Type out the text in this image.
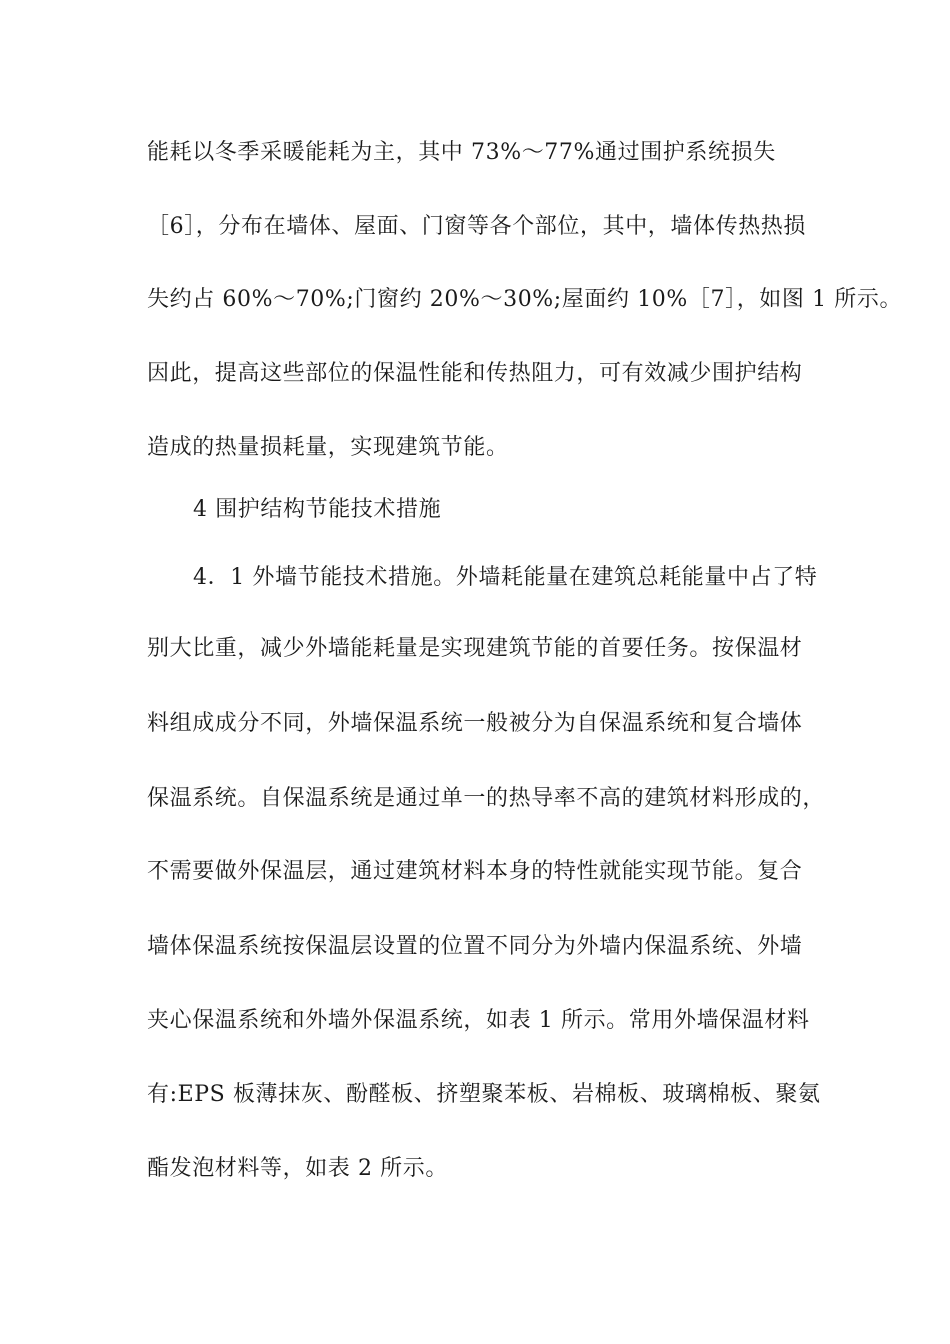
能耗以冬季采暖能耗为主，其中 73%～77%通过围护系统损失
［6］，分布在墙体、屋面、门窗等各个部位，其中，墙体传热热损
失约占 60%～70%;门窗约 20%～30%;屋面约 10%［7］，如图 1 所示。
因此，提高这些部位的保温性能和传热阻力，可有效减少围护结构
造成的热量损耗量，实现建筑节能。
4 围护结构节能技术措施
4．1 外墙节能技术措施。外墙耗能量在建筑总耗能量中占了特
别大比重，减少外墙能耗量是实现建筑节能的首要任务。按保温材
料组成成分不同，外墙保温系统一般被分为自保温系统和复合墙体
保温系统。自保温系统是通过单一的热导率不高的建筑材料形成的，
不需要做外保温层，通过建筑材料本身的特性就能实现节能。复合
墙体保温系统按保温层设置的位置不同分为外墙内保温系统、外墙
夹心保温系统和外墙外保温系统，如表 1 所示。常用外墙保温材料
有:EPS 板薄抹灰、酚醛板、挤塑聚苯板、岩棉板、玻璃棉板、聚氨
酯发泡材料等，如表 2 所示。
